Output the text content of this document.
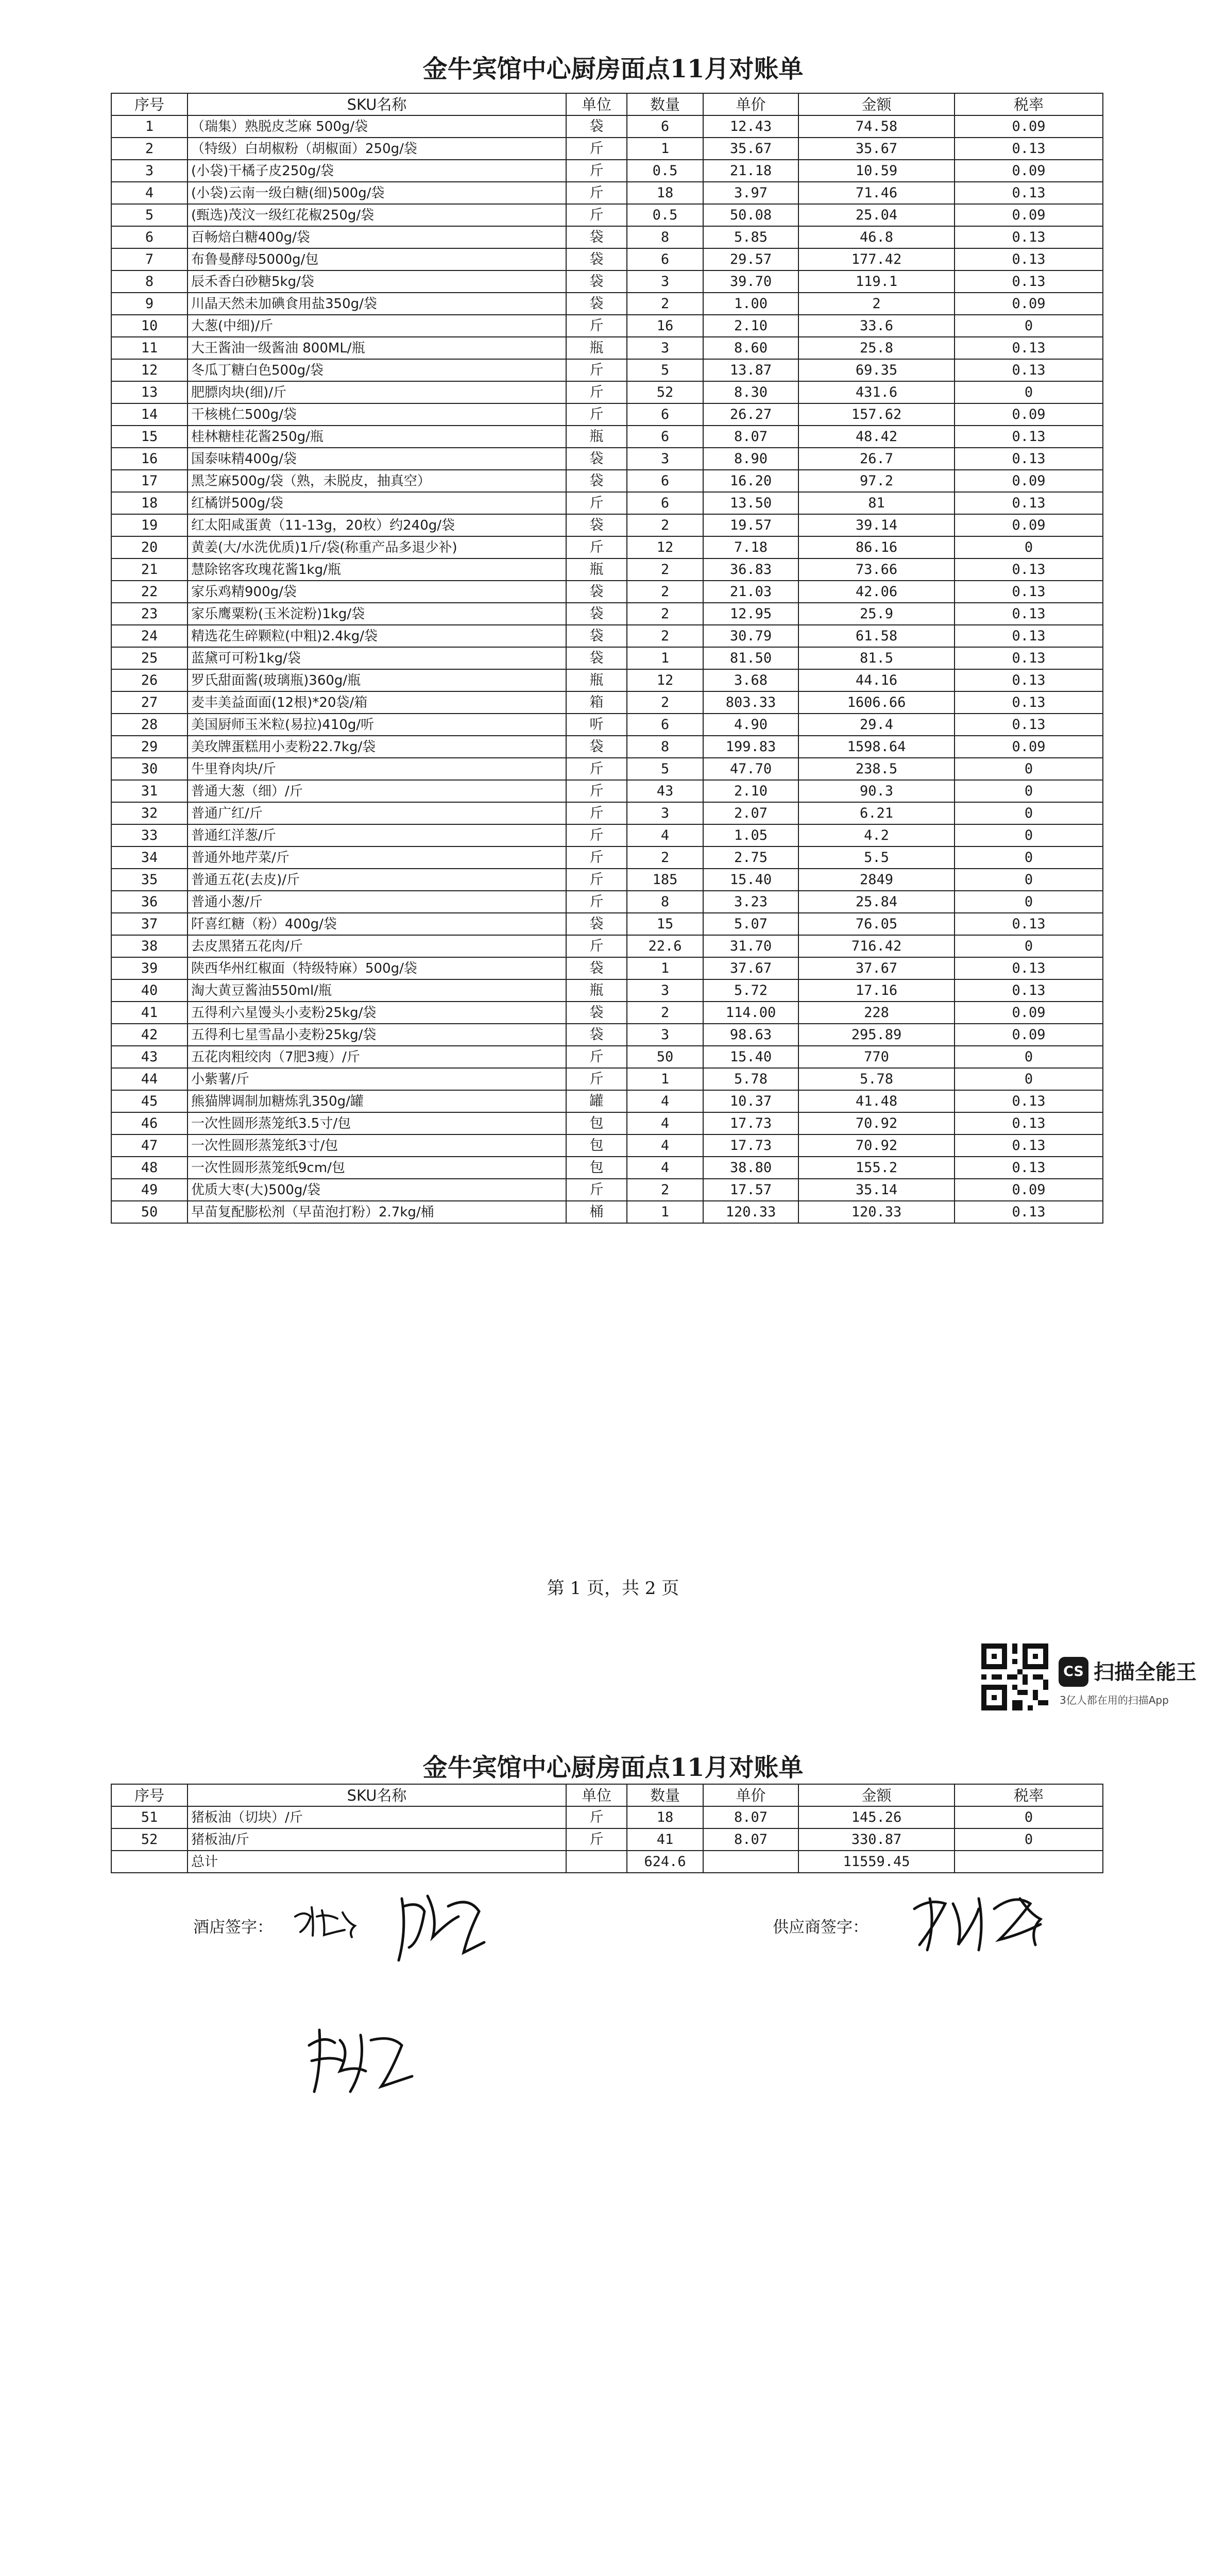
金牛宾馆中心厨房面点11月对账单
序号	SKU名称	单位	数量	单价	金额	税率
1	（瑞集）熟脱皮芝麻 500g/袋	袋	6	12.43	74.58	0.09
2	（特级）白胡椒粉（胡椒面）250g/袋	斤	1	35.67	35.67	0.13
3	(小袋)干橘子皮250g/袋	斤	0.5	21.18	10.59	0.09
4	(小袋)云南一级白糖(细)500g/袋	斤	18	3.97	71.46	0.13
5	(甄选)茂汶一级红花椒250g/袋	斤	0.5	50.08	25.04	0.09
6	百畅焙白糖400g/袋	袋	8	5.85	46.8	0.13
7	布鲁曼酵母5000g/包	袋	6	29.57	177.42	0.13
8	辰禾香白砂糖5kg/袋	袋	3	39.70	119.1	0.13
9	川晶天然未加碘食用盐350g/袋	袋	2	1.00	2	0.09
10	大葱(中细)/斤	斤	16	2.10	33.6	0
11	大王酱油一级酱油 800ML/瓶	瓶	3	8.60	25.8	0.13
12	冬瓜丁糖白色500g/袋	斤	5	13.87	69.35	0.13
13	肥膘肉块(细)/斤	斤	52	8.30	431.6	0
14	干核桃仁500g/袋	斤	6	26.27	157.62	0.09
15	桂林糖桂花酱250g/瓶	瓶	6	8.07	48.42	0.13
16	国泰味精400g/袋	袋	3	8.90	26.7	0.13
17	黑芝麻500g/袋（熟，未脱皮，抽真空）	袋	6	16.20	97.2	0.09
18	红橘饼500g/袋	斤	6	13.50	81	0.13
19	红太阳咸蛋黄（11-13g，20枚）约240g/袋	袋	2	19.57	39.14	0.09
20	黄姜(大/水洗优质)1斤/袋(称重产品多退少补)	斤	12	7.18	86.16	0
21	慧除铭客玫瑰花酱1kg/瓶	瓶	2	36.83	73.66	0.13
22	家乐鸡精900g/袋	袋	2	21.03	42.06	0.13
23	家乐鹰粟粉(玉米淀粉)1kg/袋	袋	2	12.95	25.9	0.13
24	精选花生碎颗粒(中粗)2.4kg/袋	袋	2	30.79	61.58	0.13
25	蓝黛可可粉1kg/袋	袋	1	81.50	81.5	0.13
26	罗氏甜面酱(玻璃瓶)360g/瓶	瓶	12	3.68	44.16	0.13
27	麦丰美益面面(12根)*20袋/箱	箱	2	803.33	1606.66	0.13
28	美国厨师玉米粒(易拉)410g/听	听	6	4.90	29.4	0.13
29	美玫牌蛋糕用小麦粉22.7kg/袋	袋	8	199.83	1598.64	0.09
30	牛里脊肉块/斤	斤	5	47.70	238.5	0
31	普通大葱（细）/斤	斤	43	2.10	90.3	0
32	普通广红/斤	斤	3	2.07	6.21	0
33	普通红洋葱/斤	斤	4	1.05	4.2	0
34	普通外地芹菜/斤	斤	2	2.75	5.5	0
35	普通五花(去皮)/斤	斤	185	15.40	2849	0
36	普通小葱/斤	斤	8	3.23	25.84	0
37	阡喜红糖（粉）400g/袋	袋	15	5.07	76.05	0.13
38	去皮黑猪五花肉/斤	斤	22.6	31.70	716.42	0
39	陕西华州红椒面（特级特麻）500g/袋	袋	1	37.67	37.67	0.13
40	淘大黄豆酱油550ml/瓶	瓶	3	5.72	17.16	0.13
41	五得利六星馒头小麦粉25kg/袋	袋	2	114.00	228	0.09
42	五得利七星雪晶小麦粉25kg/袋	袋	3	98.63	295.89	0.09
43	五花肉粗绞肉（7肥3瘦）/斤	斤	50	15.40	770	0
44	小紫薯/斤	斤	1	5.78	5.78	0
45	熊猫牌调制加糖炼乳350g/罐	罐	4	10.37	41.48	0.13
46	一次性圆形蒸笼纸3.5寸/包	包	4	17.73	70.92	0.13
47	一次性圆形蒸笼纸3寸/包	包	4	17.73	70.92	0.13
48	一次性圆形蒸笼纸9cm/包	包	4	38.80	155.2	0.13
49	优质大枣(大)500g/袋	斤	2	17.57	35.14	0.09
50	早苗复配膨松剂（早苗泡打粉）2.7kg/桶	桶	1	120.33	120.33	0.13
第 1 页，共 2 页
CS 扫描全能王
3亿人都在用的扫描App
金牛宾馆中心厨房面点11月对账单
序号	SKU名称	单位	数量	单价	金额	税率
51	猪板油（切块）/斤	斤	18	8.07	145.26	0
52	猪板油/斤	斤	41	8.07	330.87	0
	总计		624.6		11559.45	
酒店签字：	供应商签字：
